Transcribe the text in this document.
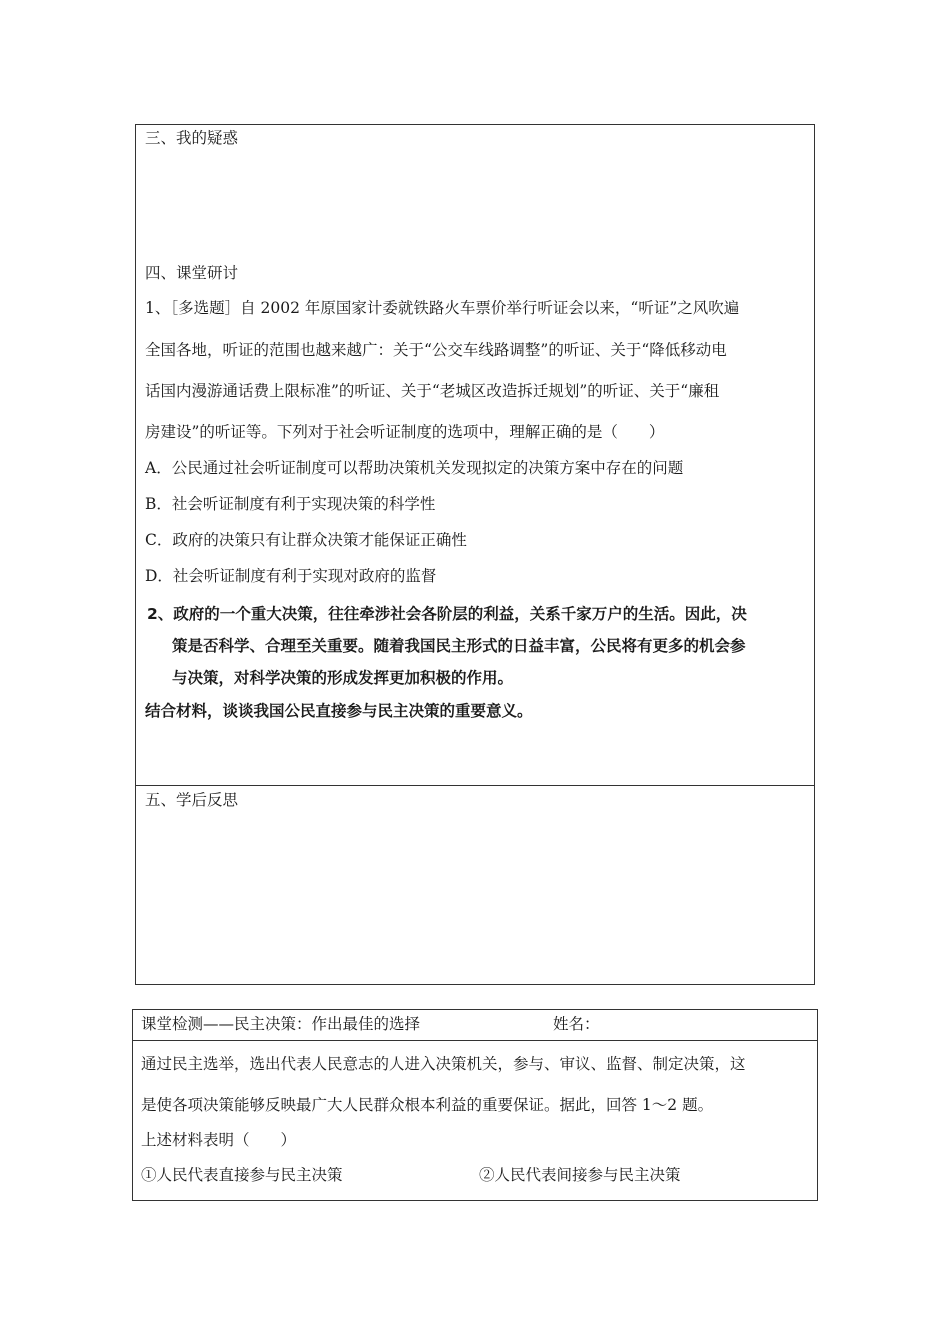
三、我的疑惑
四、课堂研讨
1、［多选题］自 2002 年原国家计委就铁路火车票价举行听证会以来，“听证”之风吹遍
全国各地，听证的范围也越来越广：关于“公交车线路调整”的听证、关于“降低移动电
话国内漫游通话费上限标准”的听证、关于“老城区改造拆迁规划”的听证、关于“廉租
房建设”的听证等。下列对于社会听证制度的选项中，理解正确的是（　　）
A．公民通过社会听证制度可以帮助决策机关发现拟定的决策方案中存在的问题
B．社会听证制度有利于实现决策的科学性
C．政府的决策只有让群众决策才能保证正确性
D．社会听证制度有利于实现对政府的监督
2、政府的一个重大决策，往往牵涉社会各阶层的利益，关系千家万户的生活。因此，决
策是否科学、合理至关重要。随着我国民主形式的日益丰富，公民将有更多的机会参
与决策，对科学决策的形成发挥更加积极的作用。
结合材料，谈谈我国公民直接参与民主决策的重要意义。
五、学后反思
课堂检测——民主决策：作出最佳的选择	姓名：
通过民主选举，选出代表人民意志的人进入决策机关，参与、审议、监督、制定决策，这
是使各项决策能够反映最广大人民群众根本利益的重要保证。据此，回答 1～2 题。
上述材料表明（　　）
①人民代表直接参与民主决策	②人民代表间接参与民主决策
